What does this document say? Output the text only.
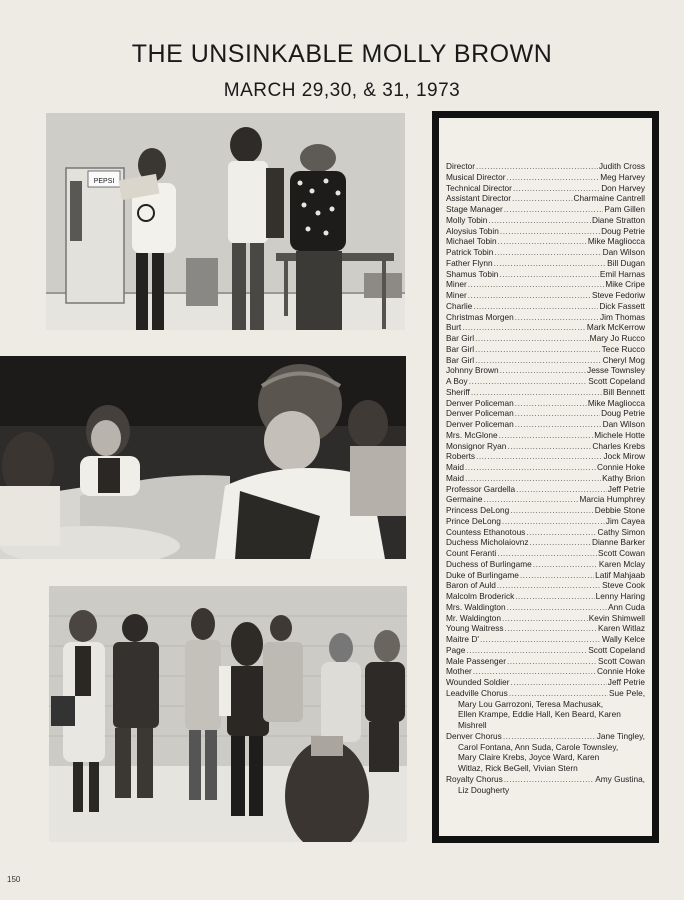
THE UNSINKABLE MOLLY BROWN
MARCH 29,30, & 31, 1973
PEPSI
Director .....	Judith Cross
Musical Director .....	Meg Harvey
Technical Director .....	Don Harvey
Assistant Director .....	Charmaine Cantrell
Stage Manager .....	Pam Gillen
Molly Tobin .....	Diane Stratton
Aloysius Tobin .....	Doug Petrie
Michael Tobin .....	Mike Magliocca
Patrick Tobin .....	Dan Wilson
Father Flynn .....	Bill Dugan
Shamus Tobin .....	Emil Harnas
Miner .....	Mike Cripe
Miner .....	Steve Fedoriw
Charlie .....	Dick Fassett
Christmas Morgen .....	Jim Thomas
Burt .....	Mark McKerrow
Bar Girl .....	Mary Jo Rucco
Bar Girl .....	Tece Rucco
Bar Girl .....	Cheryl Mog
Johnny Brown .....	Jesse Townsley
A Boy .....	Scott Copeland
Sheriff .....	Bill Bennett
Denver Policeman .....	Mike Magliocca
Denver Policeman .....	Doug Petrie
Denver Policeman .....	Dan Wilson
Mrs. McGlone .....	Michele Hotte
Monsignor Ryan .....	Charles Krebs
Roberts .....	Jock Mirow
Maid .....	Connie Hoke
Maid .....	Kathy Brion
Professor Gardella .....	Jeff Petrie
Germaine .....	Marcia Humphrey
Princess DeLong .....	Debbie Stone
Prince DeLong .....	Jim Cayea
Countess Ethanotous .....	Cathy Simon
Duchess Micholaiovnz .....	Dianne Barker
Count Feranti .....	Scott Cowan
Duchess of Burlingame .....	Karen Mclay
Duke of Burlingame .....	Latif Mahjaab
Baron of Auld .....	Steve Cook
Malcolm Broderick .....	Lenny Haring
Mrs. Waldington .....	Ann Cuda
Mr. Waldington .....	Kevin Shimwell
Young Waitress .....	Karen Witlaz
Maitre D' .....	Wally Kelce
Page .....	Scott Copeland
Male Passenger .....	Scott Cowan
Mother .....	Connie Hoke
Wounded Soldier .....	Jeff Petrie
Leadville Chorus .....	Sue Pele,
Mary Lou Garrozoni, Teresa Machusak,
Ellen Krampe, Eddie Hall, Ken Beard, Karen
Mishrell
Denver Chorus .....	Jane Tingley,
Carol Fontana, Ann Suda, Carole Townsley,
Mary Claire Krebs, Joyce Ward, Karen
Witlaz, Rick BeGell, Vivian Stern
Royalty Chorus .....	Amy Gustina,
Liz Dougherty
150
